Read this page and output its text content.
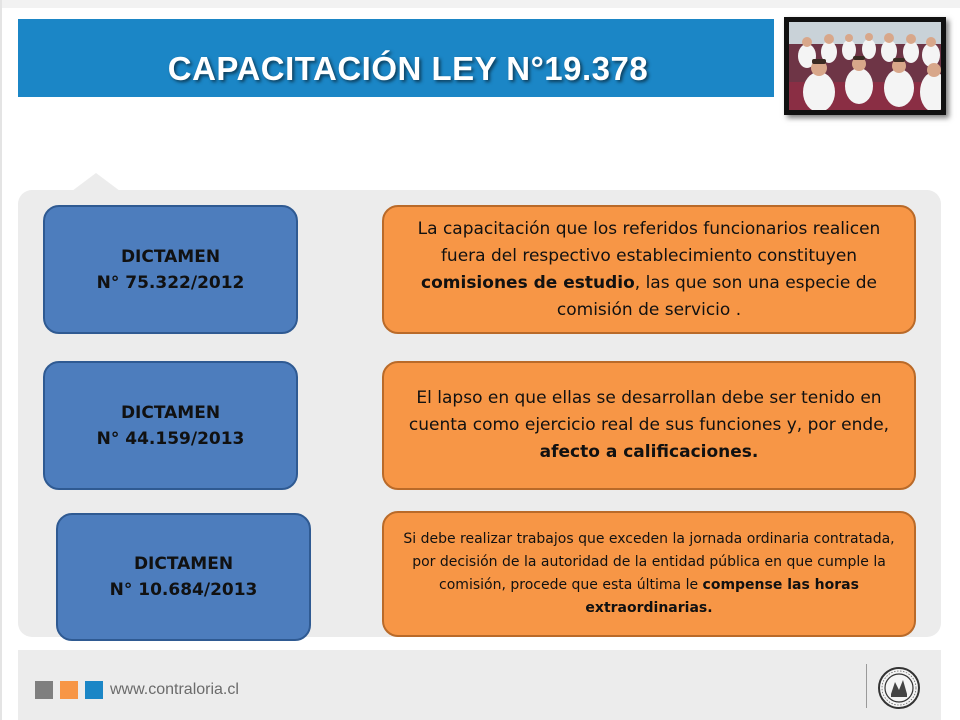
CAPACITACIÓN LEY N°19.378
DICTAMEN
N° 75.322/2012
La capacitación que los referidos funcionarios realicen fuera del respectivo establecimiento constituyen comisiones de estudio, las que son una especie de comisión de servicio .
DICTAMEN
N° 44.159/2013
El lapso en que ellas se desarrollan debe ser tenido en cuenta como ejercicio real de sus funciones y, por ende, afecto a calificaciones.
DICTAMEN
N° 10.684/2013
Si debe realizar trabajos que exceden la jornada ordinaria contratada, por decisión de la autoridad de la entidad pública en que cumple la comisión, procede que esta última le compense las horas extraordinarias.
www.contraloria.cl
